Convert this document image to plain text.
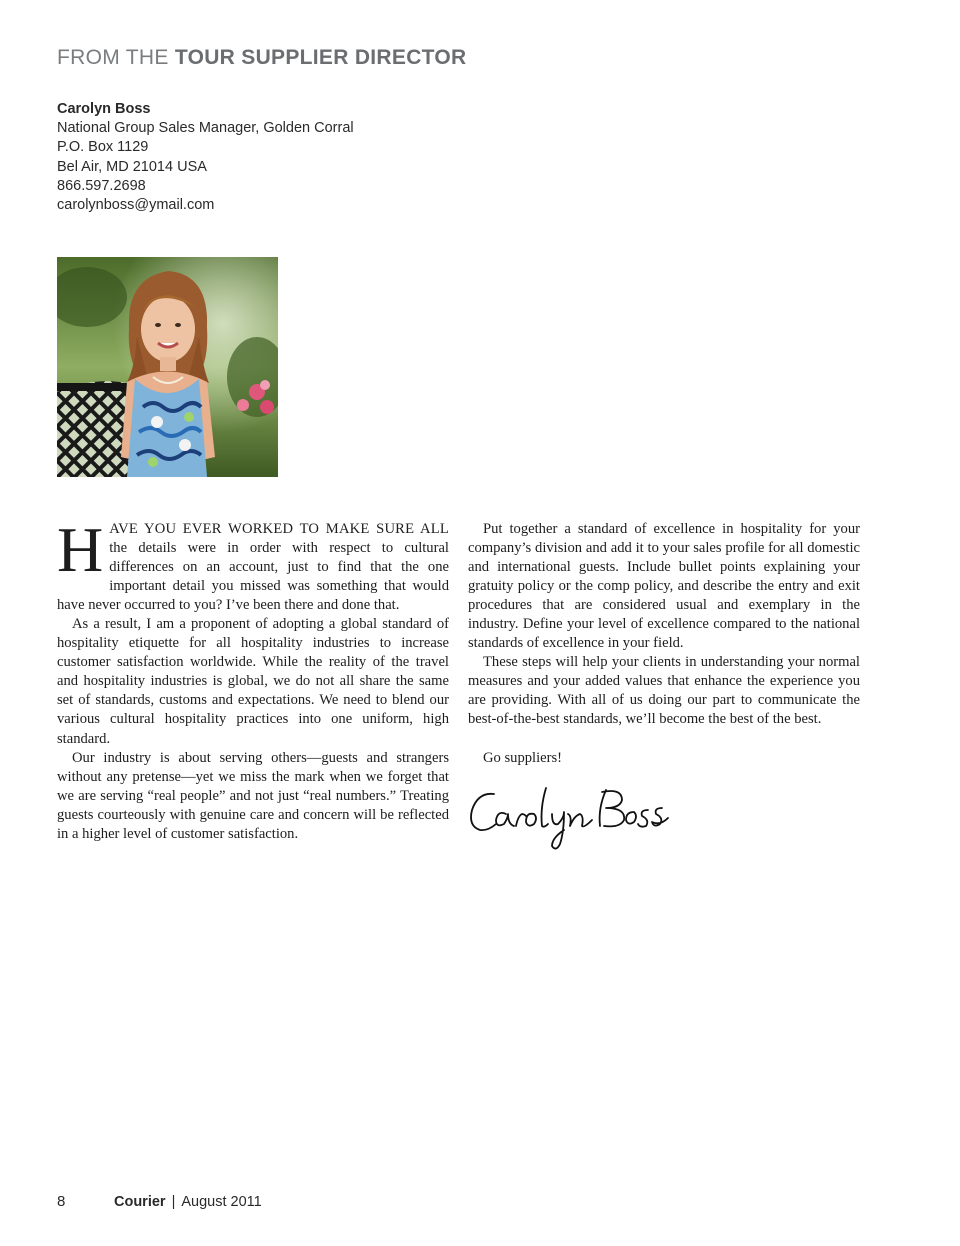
FROM THE TOUR SUPPLIER DIRECTOR
Carolyn Boss
National Group Sales Manager, Golden Corral
P.O. Box 1129
Bel Air, MD 21014 USA
866.597.2698
carolynboss@ymail.com

HAVE YOU EVER WORKED TO MAKE SURE ALL the details were in order with respect to cultural differences on an account, just to find that the one important detail you missed was something that would have never occurred to you? I’ve been there and done that.

As a result, I am a proponent of adopting a global standard of hospitality etiquette for all hospitality industries to increase customer satisfaction worldwide. While the reality of the travel and hospitality industries is global, we do not all share the same set of standards, customs and expectations. We need to blend our various cultural hospitality practices into one uniform, high standard.

Our industry is about serving others—guests and strangers without any pretense—yet we miss the mark when we forget that we are serving “real people” and not just “real numbers.” Treating guests courteously with genuine care and concern will be reflected in a higher level of customer satisfaction.

Put together a standard of excellence in hospitality for your company’s division and add it to your sales profile for all domestic and international guests. Include bullet points explaining your gratuity policy or the comp policy, and describe the entry and exit procedures that are considered usual and exemplary in the industry. Define your level of excellence compared to the national standards of excellence in your field.

These steps will help your clients in understanding your normal measures and your added values that enhance the experience you are providing. With all of us doing our part to communicate the best-of-the-best standards, we’ll become the best of the best.

Go suppliers!

8	Courier | August 2011
